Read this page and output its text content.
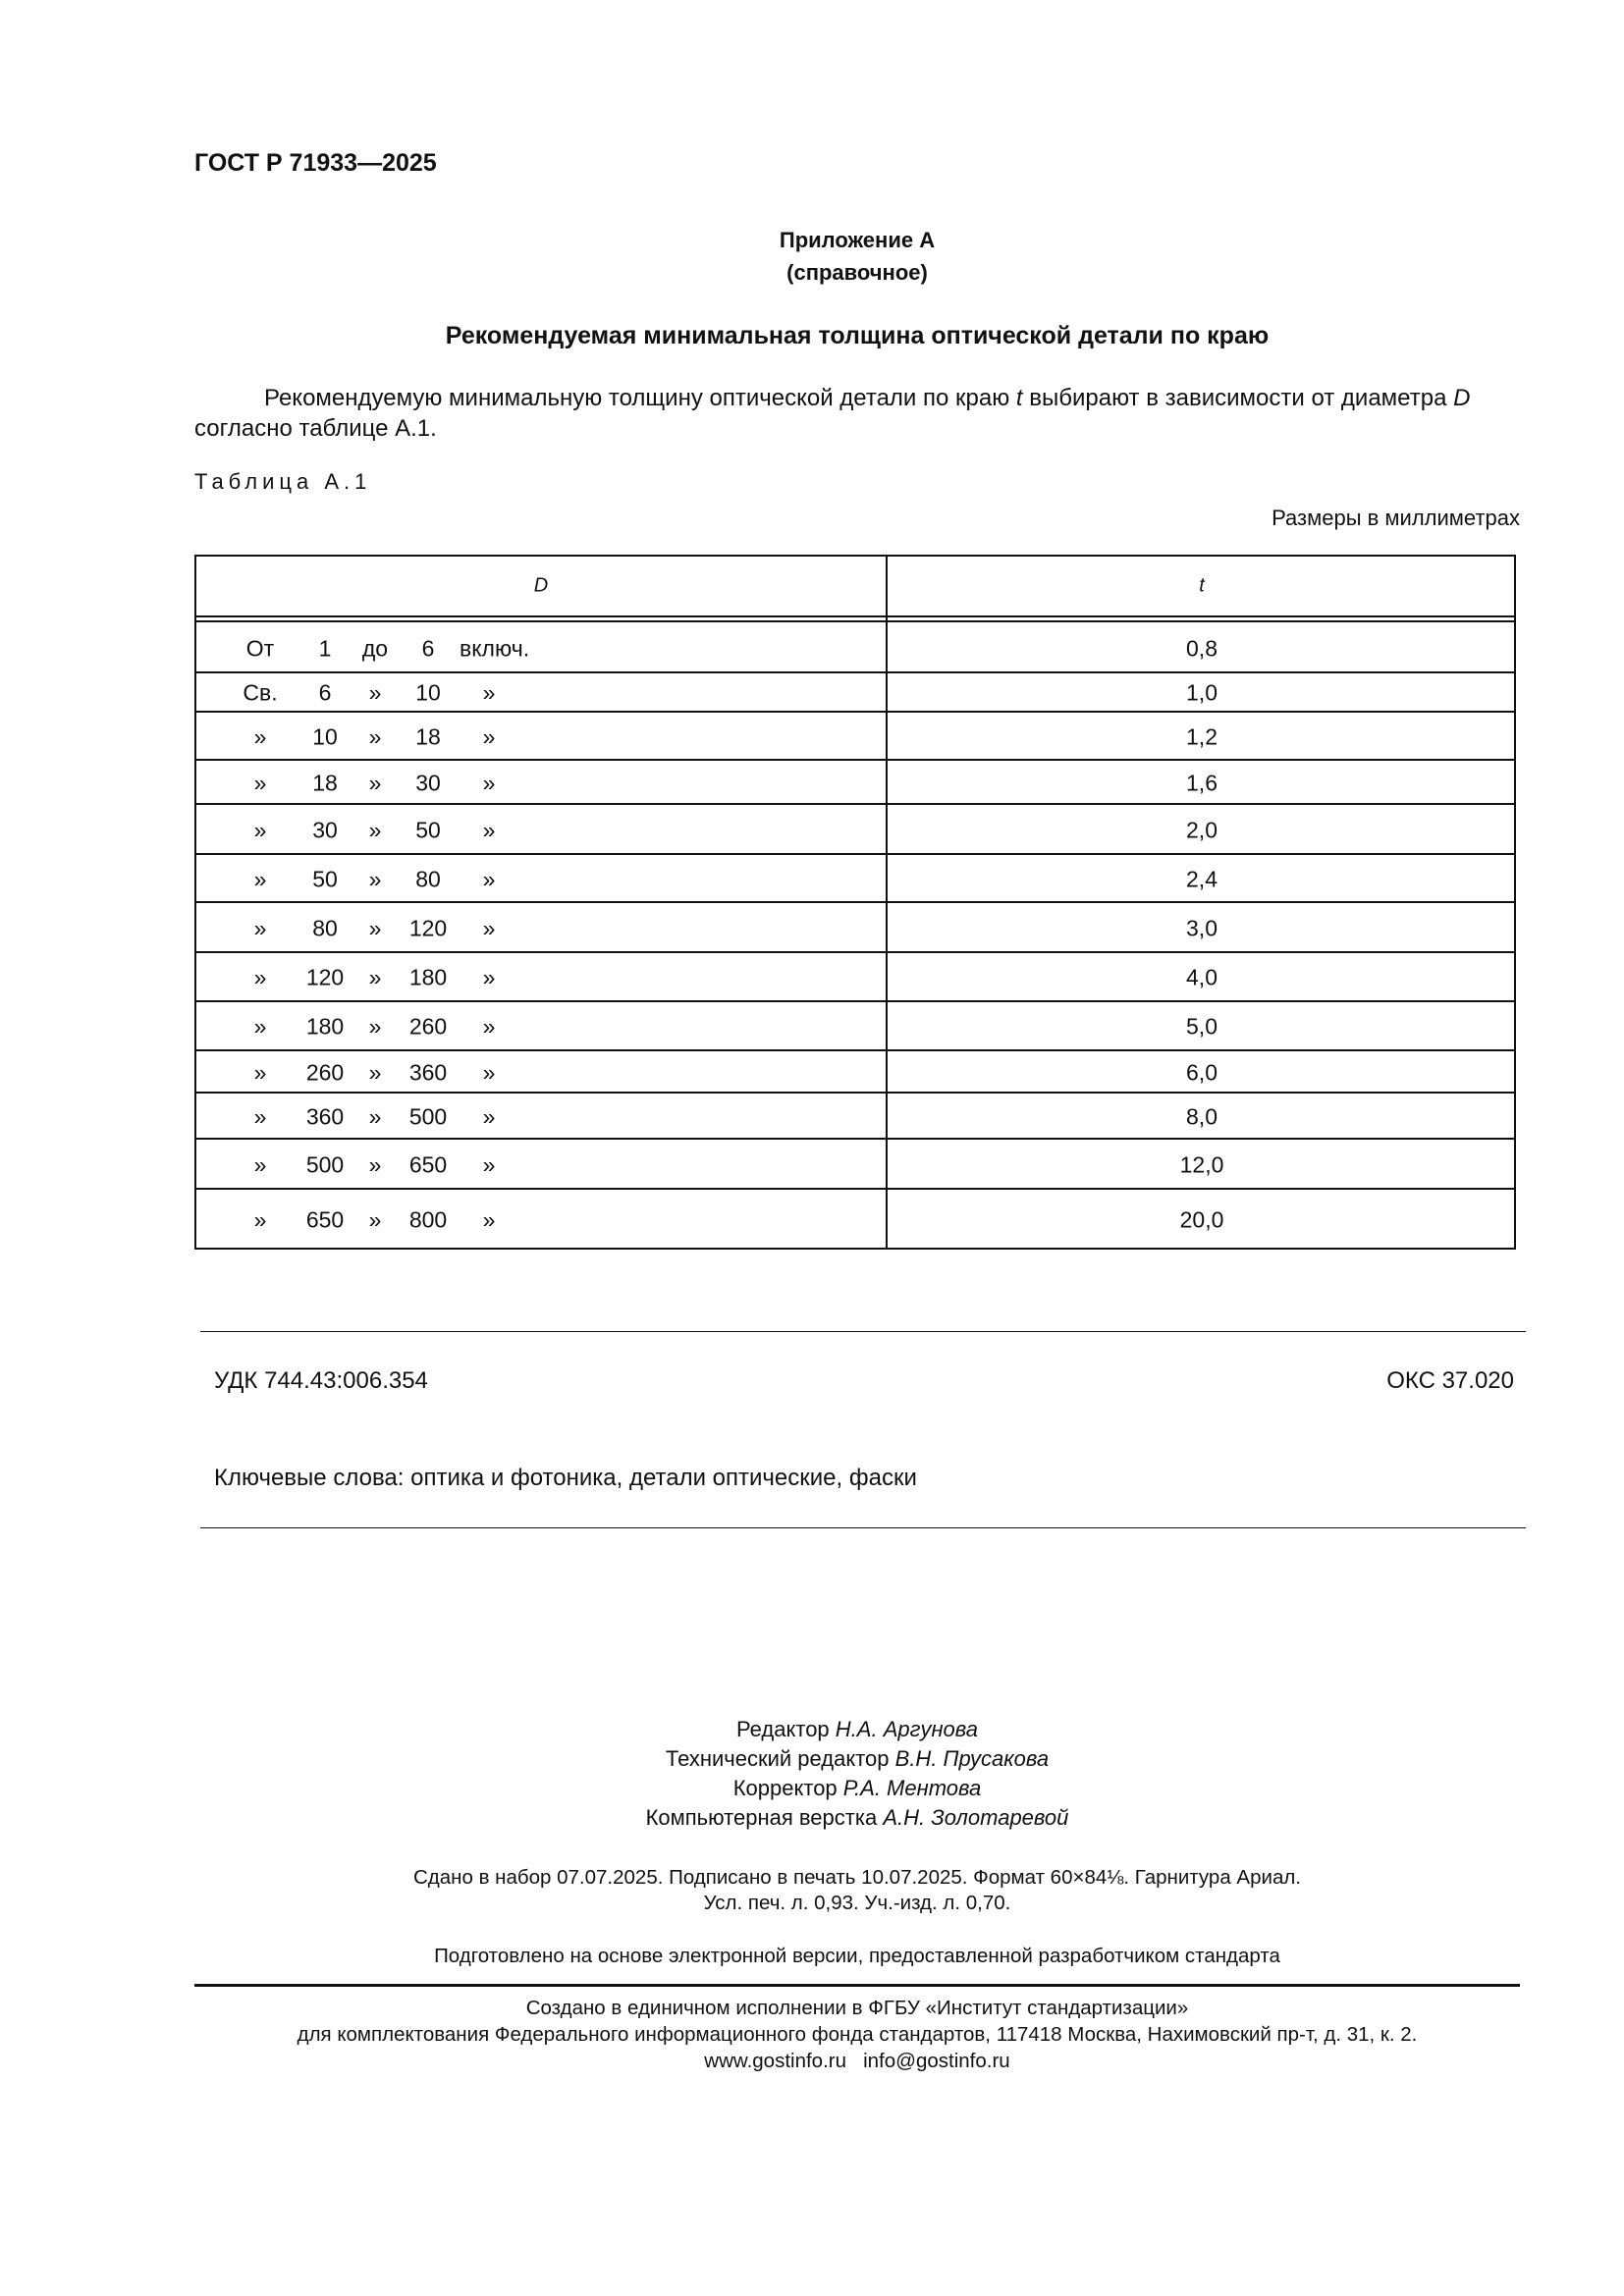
ГОСТ Р 71933—2025
Приложение А
(справочное)
Рекомендуемая минимальная толщина оптической детали по краю
Рекомендуемую минимальную толщину оптической детали по краю t выбирают в зависимости от диаметра D
согласно таблице А.1.
Таблица А.1
Размеры в миллиметрах
D	t
От 1 до 6 включ.	0,8
Св. 6 » 10 »	1,0
» 10 » 18 »	1,2
» 18 » 30 »	1,6
» 30 » 50 »	2,0
» 50 » 80 »	2,4
» 80 » 120 »	3,0
» 120 » 180 »	4,0
» 180 » 260 »	5,0
» 260 » 360 »	6,0
» 360 » 500 »	8,0
» 500 » 650 »	12,0
» 650 » 800 »	20,0
УДК 744.43:006.354	ОКС 37.020
Ключевые слова: оптика и фотоника, детали оптические, фаски
Редактор Н.А. Аргунова
Технический редактор В.Н. Прусакова
Корректор Р.А. Ментова
Компьютерная верстка А.Н. Золотаревой
Сдано в набор 07.07.2025. Подписано в печать 10.07.2025. Формат 60×84⅛. Гарнитура Ариал.
Усл. печ. л. 0,93. Уч.-изд. л. 0,70.
Подготовлено на основе электронной версии, предоставленной разработчиком стандарта
Создано в единичном исполнении в ФГБУ «Институт стандартизации»
для комплектования Федерального информационного фонда стандартов, 117418 Москва, Нахимовский пр-т, д. 31, к. 2.
www.gostinfo.ru info@gostinfo.ru
